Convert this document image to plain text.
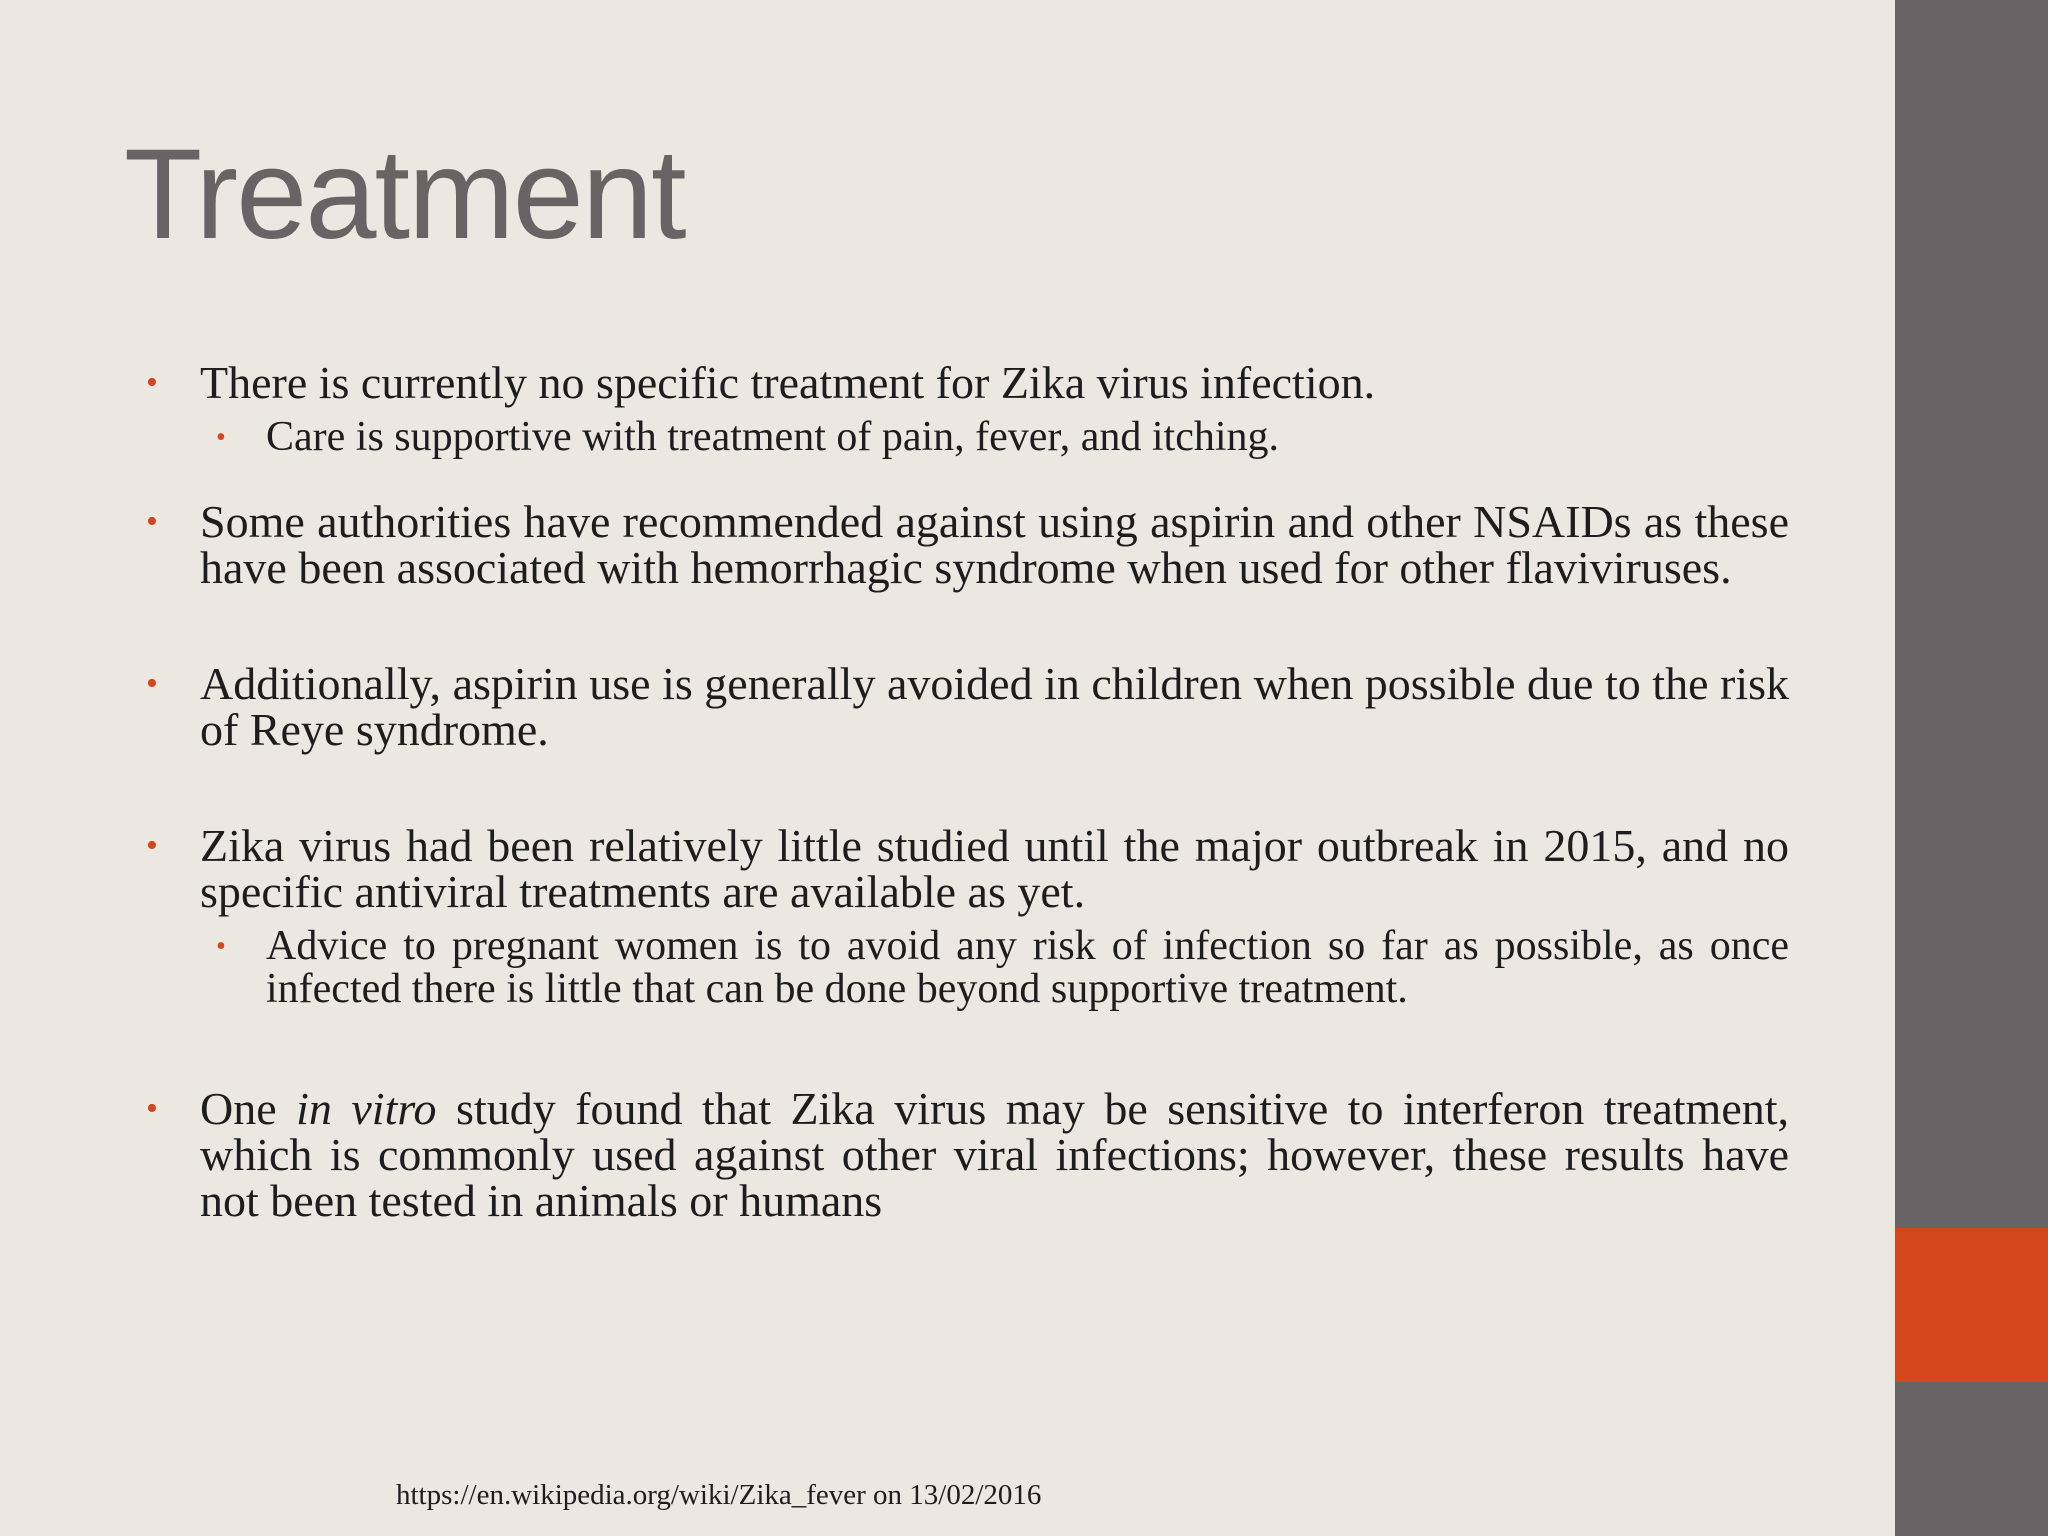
Treatment
• There is currently no specific treatment for Zika virus infection.
• Care is supportive with treatment of pain, fever, and itching.
• Some authorities have recommended against using aspirin and other NSAIDs as these have been associated with hemorrhagic syndrome when used for other flaviviruses.
• Additionally, aspirin use is generally avoided in children when possible due to the risk of Reye syndrome.
• Zika virus had been relatively little studied until the major outbreak in 2015, and no specific antiviral treatments are available as yet.
• Advice to pregnant women is to avoid any risk of infection so far as possible, as once infected there is little that can be done beyond supportive treatment.
• One in vitro study found that Zika virus may be sensitive to interferon treatment, which is commonly used against other viral infections; however, these results have not been tested in animals or humans
https://en.wikipedia.org/wiki/Zika_fever on 13/02/2016
